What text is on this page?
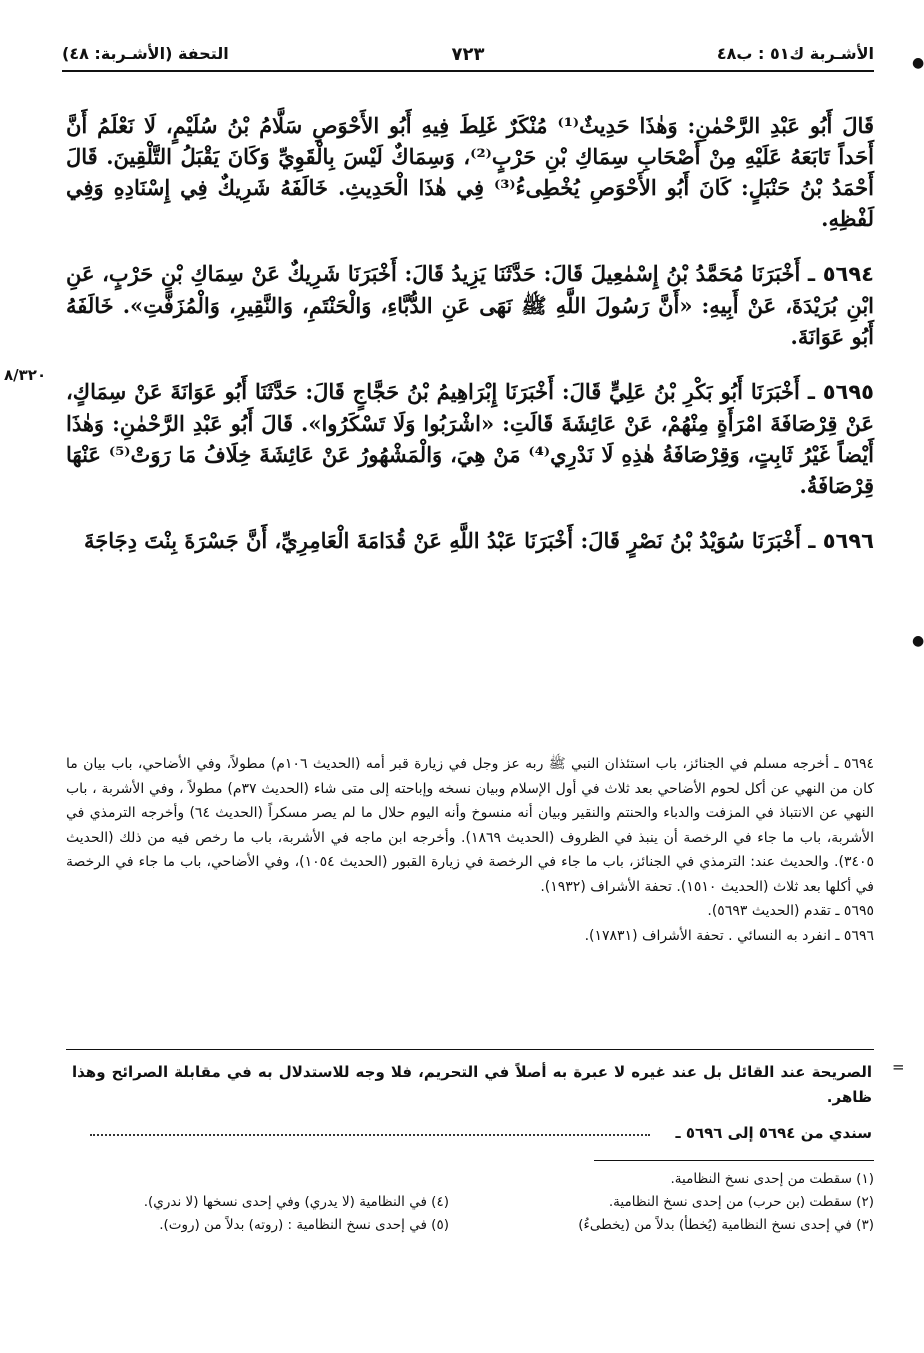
●
●
الأشـربة ك٥١ : ب٤٨
٧٢٣
التحفة (الأشـربة: ٤٨)
٨/٣٢٠

قَالَ أَبُو عَبْدِ الرَّحْمٰنِ: وَهٰذَا حَدِيثٌ⁽¹⁾ مُنْكَرٌ غَلِطَ فِيهِ أَبُو الأَحْوَصِ سَلَّامُ بْنُ سُلَيْمٍ، لَا نَعْلَمُ أَنَّ أَحَداً تَابَعَهُ عَلَيْهِ مِنْ أَصْحَابِ سِمَاكِ بْنِ حَرْبٍ⁽²⁾، وَسِمَاكٌ لَيْسَ بِالْقَوِيِّ وَكَانَ يَقْبَلُ التَّلْقِينَ. قَالَ أَحْمَدُ بْنُ حَنْبَلٍ: كَانَ أَبُو الأَحْوَصِ يُخْطِىءُ⁽³⁾ فِي هٰذَا الْحَدِيثِ. خَالَفَهُ شَرِيكٌ فِي إِسْنَادِهِ وَفِي لَفْظِهِ.

٥٦٩٤ ـ أَخْبَرَنَا مُحَمَّدُ بْنُ إِسْمٰعِيلَ قَالَ: حَدَّثَنَا يَزِيدُ قَالَ: أَخْبَرَنَا شَرِيكٌ عَنْ سِمَاكِ بْنِ حَرْبٍ، عَنِ ابْنِ بُرَيْدَةَ، عَنْ أَبِيهِ: «أَنَّ رَسُولَ اللَّهِ ﷺ نَهَى عَنِ الدُّبَّاءِ، وَالْحَنْتَمِ، وَالنَّقِيرِ، وَالْمُزَفَّتِ». خَالَفَهُ أَبُو عَوَانَةَ.

٥٦٩٥ ـ أَخْبَرَنَا أَبُو بَكْرِ بْنُ عَلِيٍّ قَالَ: أَخْبَرَنَا إِبْرَاهِيمُ بْنُ حَجَّاجٍ قَالَ: حَدَّثَنَا أَبُو عَوَانَةَ عَنْ سِمَاكٍ، عَنْ قِرْصَافَةَ امْرَأَةٍ مِنْهُمْ، عَنْ عَائِشَةَ قَالَتِ: «اشْرَبُوا وَلَا تَسْكَرُوا». قَالَ أَبُو عَبْدِ الرَّحْمٰنِ: وَهٰذَا أَيْضاً غَيْرُ ثَابِتٍ، وَقِرْصَافَةُ هٰذِهِ لَا نَدْرِي⁽⁴⁾ مَنْ هِيَ، وَالْمَشْهُورُ عَنْ عَائِشَةَ خِلَافُ مَا رَوَتْ⁽⁵⁾ عَنْهَا قِرْصَافَةُ.

٥٦٩٦ ـ أَخْبَرَنَا سُوَيْدُ بْنُ نَصْرٍ قَالَ: أَخْبَرَنَا عَبْدُ اللَّهِ عَنْ قُدَامَةَ الْعَامِرِيِّ، أَنَّ جَسْرَةَ بِنْتَ دِجَاجَةَ

٥٦٩٤ ـ أخرجه مسلم في الجنائز، باب استئذان النبي ﷺ ربه عز وجل في زيارة قبر أمه (الحديث ١٠٦م) مطولاً، وفي الأضاحي، باب بيان ما كان من النهي عن أكل لحوم الأضاحي بعد ثلاث في أول الإسلام وبيان نسخه وإباحته إلى متى شاء (الحديث ٣٧م) مطولاً ، وفي الأشربة ، باب النهي عن الانتباذ في المزفت والدباء والحنتم والنقير وبيان أنه منسوخ وأنه اليوم حلال ما لم يصر مسكراً (الحديث ٦٤) وأخرجه الترمذي في الأشربة، باب ما جاء في الرخصة أن ينبذ في الظروف (الحديث ١٨٦٩). وأخرجه ابن ماجه في الأشربة، باب ما رخص فيه من ذلك (الحديث ٣٤٠٥). والحديث عند: الترمذي في الجنائز، باب ما جاء في الرخصة في زيارة القبور (الحديث ١٠٥٤)، وفي الأضاحي، باب ما جاء في الرخصة في أكلها بعد ثلاث (الحديث ١٥١٠). تحفة الأشراف (١٩٣٢).

٥٦٩٥ ـ تقدم (الحديث ٥٦٩٣).

٥٦٩٦ ـ انفرد به النسائي . تحفة الأشراف (١٧٨٣١).

=
الصريحة عند القائل بل عند غيره لا عبرة به أصلاً في التحريم، فلا وجه للاستدلال به في مقابلة الصرائح وهذا ظاهر.
سندي من ٥٦٩٤ إلى ٥٦٩٦ ـ
(١) سقطت من إحدى نسخ النظامية.
(٢) سقطت (بن حرب) من إحدى نسخ النظامية.
(٤) في النظامية (لا يدري) وفي إحدى نسخها (لا ندري).
(٣) في إحدى نسخ النظامية (يُخطأ) بدلاً من (يخطىءُ)
(٥) في إحدى نسخ النظامية : (روته) بدلاً من (روت).
